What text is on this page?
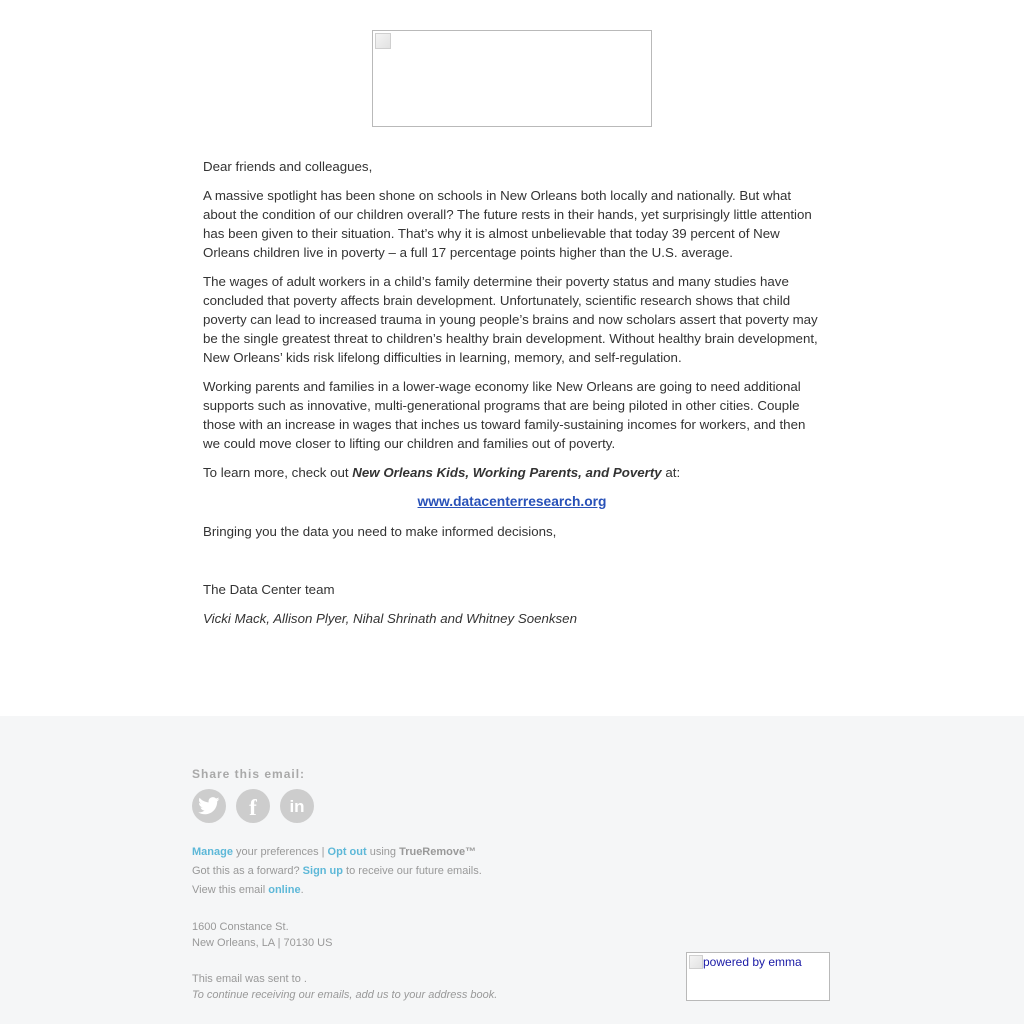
Dear friends and colleagues,

A massive spotlight has been shone on schools in New Orleans both locally and nationally. But what about the condition of our children overall? The future rests in their hands, yet surprisingly little attention has been given to their situation. That’s why it is almost unbelievable that today 39 percent of New Orleans children live in poverty – a full 17 percentage points higher than the U.S. average.

The wages of adult workers in a child’s family determine their poverty status and many studies have concluded that poverty affects brain development. Unfortunately, scientific research shows that child poverty can lead to increased trauma in young people’s brains and now scholars assert that poverty may be the single greatest threat to children’s healthy brain development. Without healthy brain development, New Orleans’ kids risk lifelong difficulties in learning, memory, and self-regulation.

Working parents and families in a lower-wage economy like New Orleans are going to need additional supports such as innovative, multi-generational programs that are being piloted in other cities. Couple those with an increase in wages that inches us toward family-sustaining incomes for workers, and then we could move closer to lifting our children and families out of poverty.

To learn more, check out New Orleans Kids, Working Parents, and Poverty at:

www.datacenterresearch.org

Bringing you the data you need to make informed decisions,

The Data Center team

Vicki Mack, Allison Plyer, Nihal Shrinath and Whitney Soenksen

Share this email:
f in
Manage your preferences | Opt out using TrueRemove™
Got this as a forward? Sign up to receive our future emails.
View this email online.
1600 Constance St.
New Orleans, LA | 70130 US
This email was sent to .
To continue receiving our emails, add us to your address book.
powered by emma
